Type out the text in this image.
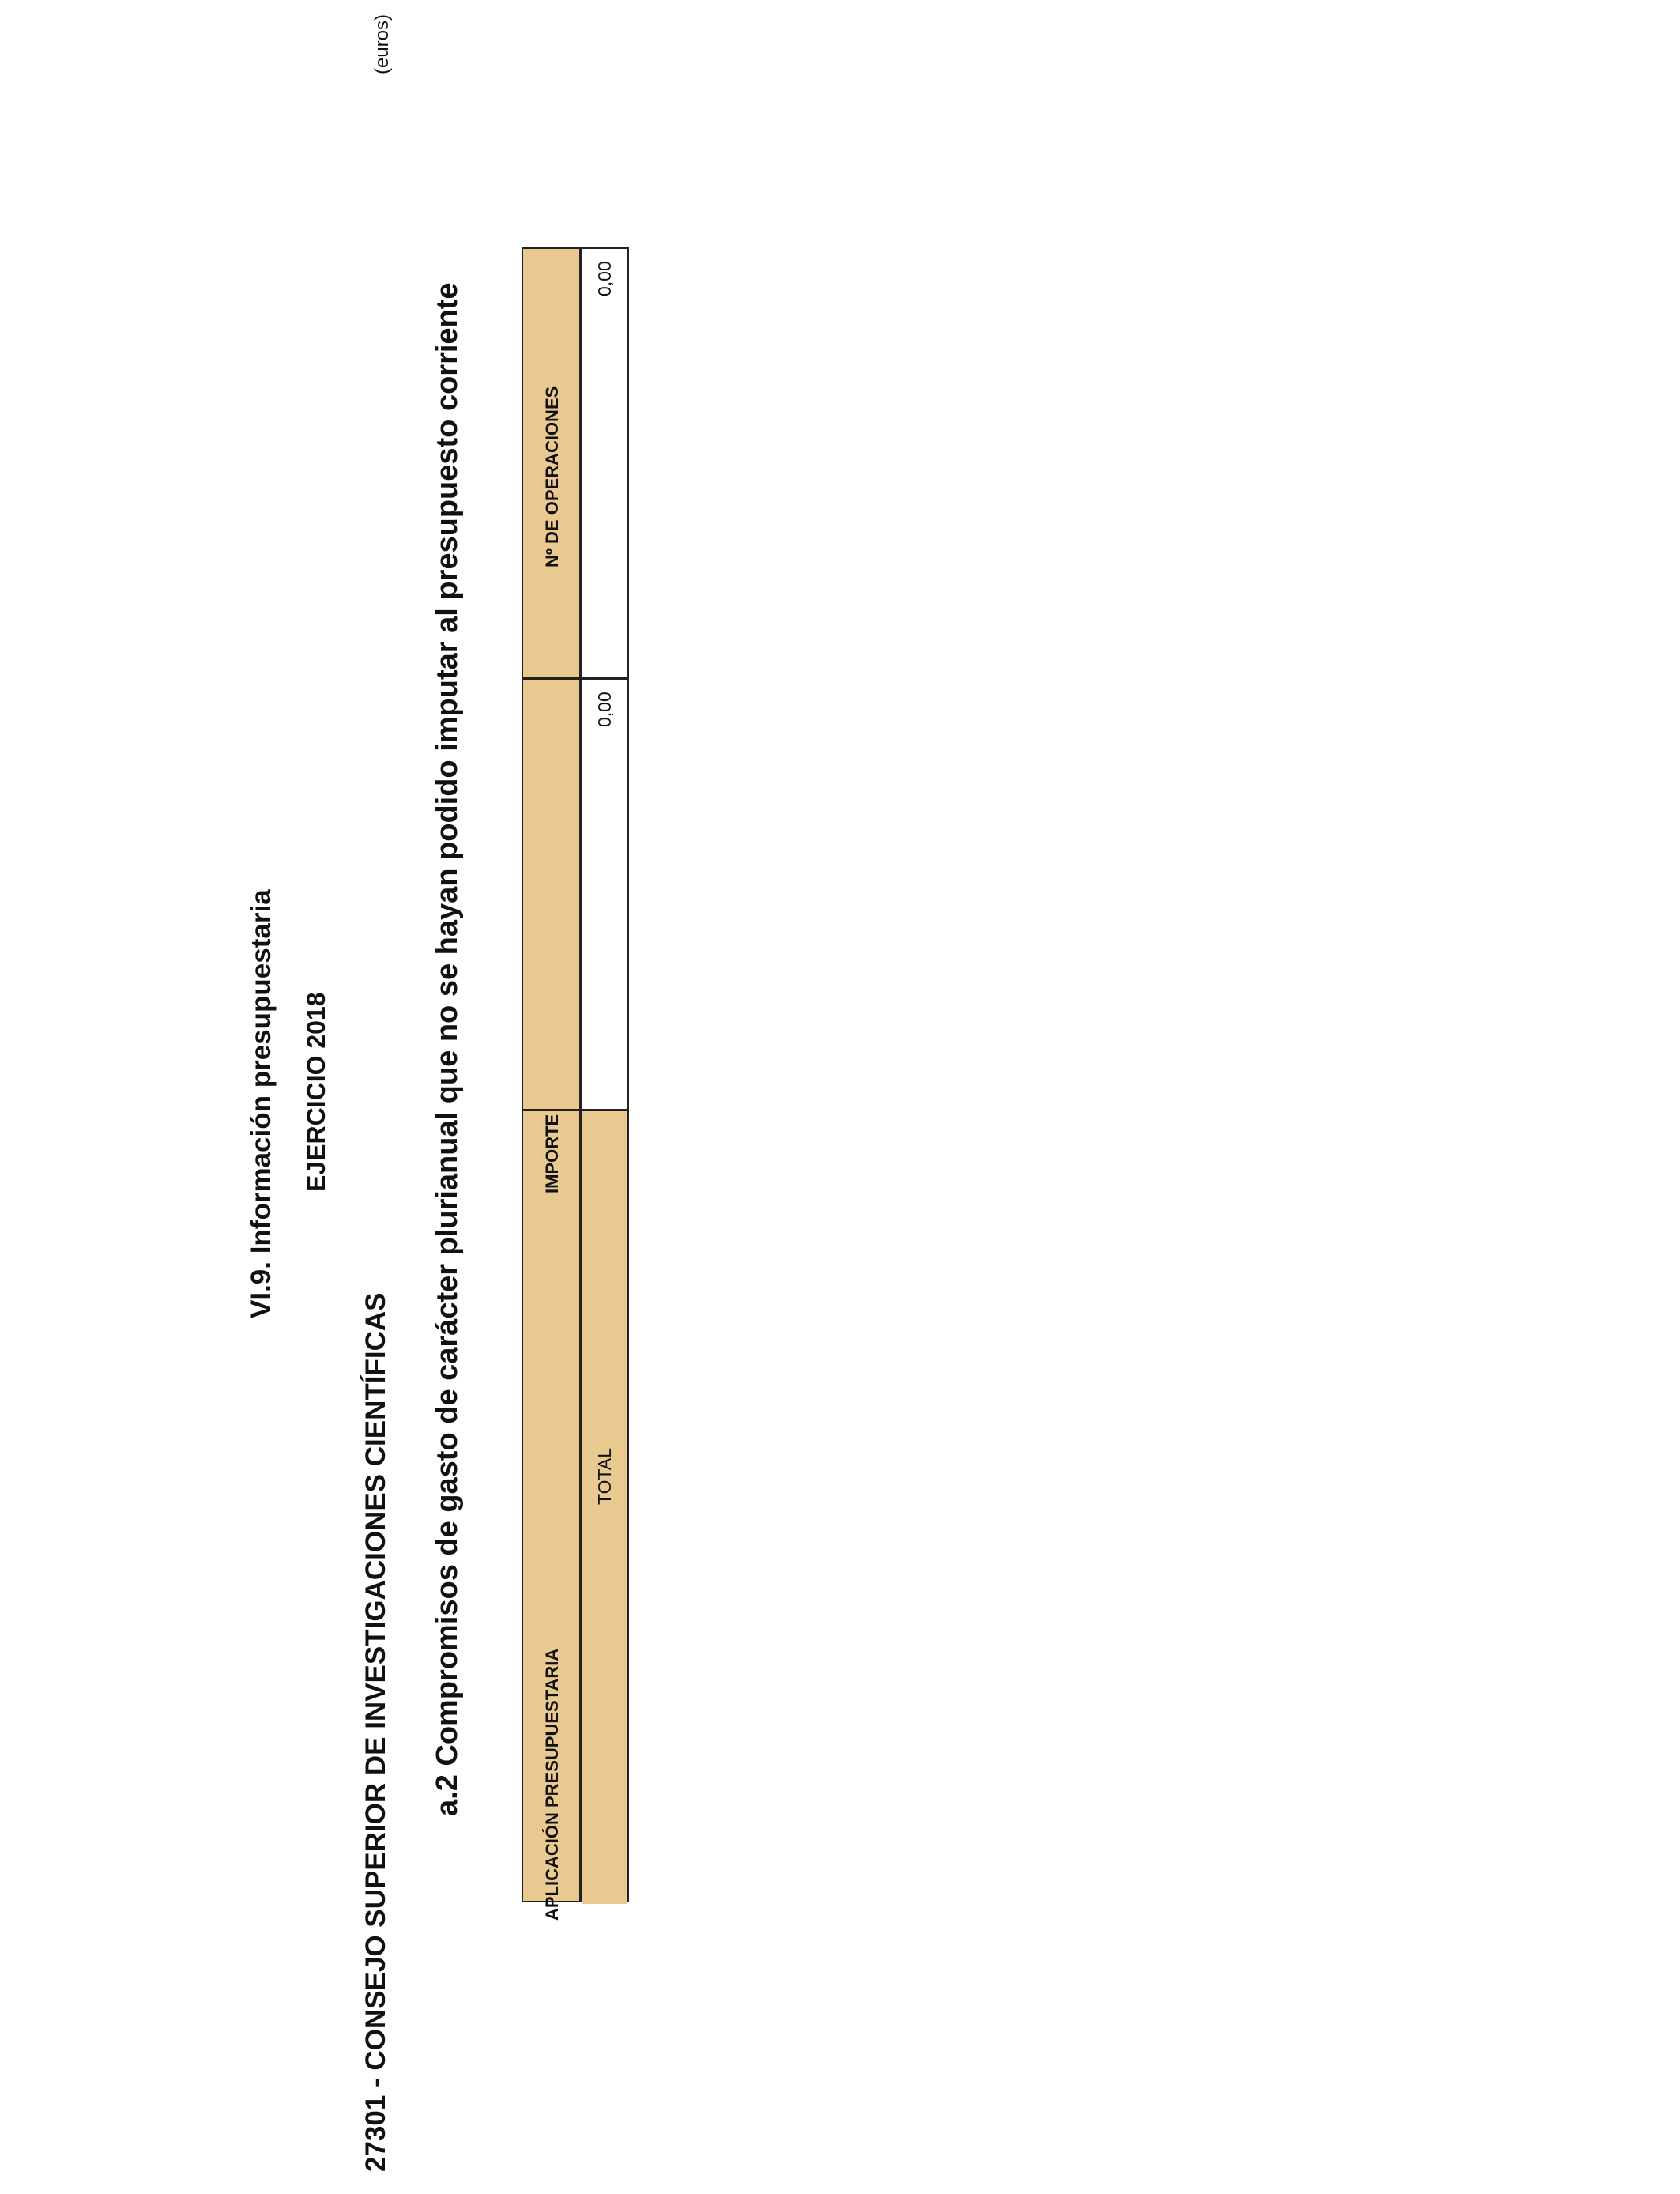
(euros)
VI.9. Información presupuestaria EJERCICIO 2018
27301 - CONSEJO SUPERIOR DE INVESTIGACIONES CIENTÍFICAS a.2 Compromisos de gasto de carácter plurianual que no se hayan podido imputar al presupuesto corriente	Nº DE OPERACIONES
IMPORTE
APLICACIÓN PRESUPUESTARIA
0,00
0,00
TOTAL
